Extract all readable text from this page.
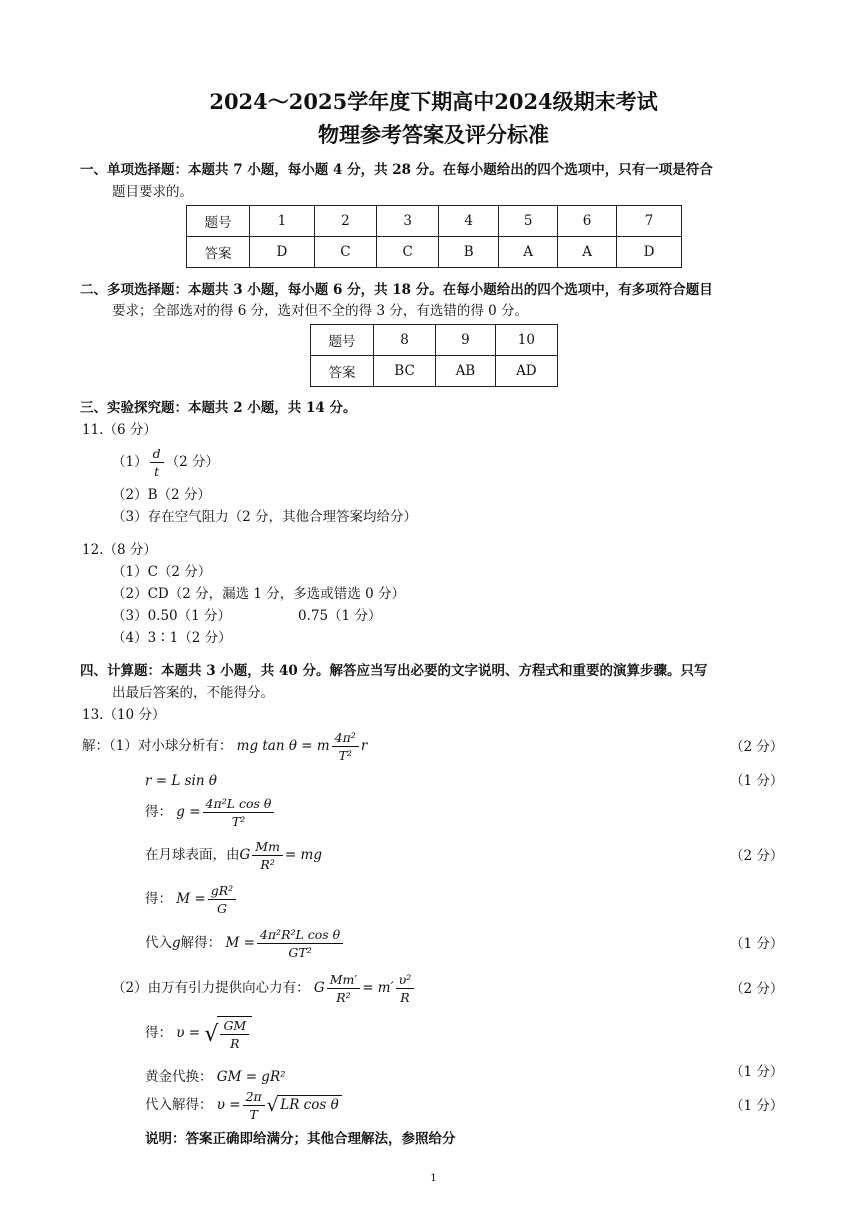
2024～2025学年度下期高中2024级期末考试
物理参考答案及评分标准
一、单项选择题：本题共 7 小题，每小题 4 分，共 28 分。在每小题给出的四个选项中，只有一项是符合
题目要求的。
题号	1	2	3	4	5	6	7
答案	D	C	C	B	A	A	D
二、多项选择题：本题共 3 小题，每小题 6 分，共 18 分。在每小题给出的四个选项中，有多项符合题目
要求；全部选对的得 6 分，选对但不全的得 3 分，有选错的得 0 分。
题号	8	9	10
答案	BC	AB	AD
三、实验探究题：本题共 2 小题，共 14 分。
11.（6 分）
$(1) \frac{d}{t} (2$ 分）
（2）B（2 分）
（3）存在空气阻力（2 分，其他合理答案均给分）
12.（8 分）
（1）C（2 分）
（2）CD（2 分，漏选 1 分，多选或错选 0 分）
（3）0.50（1 分）	0.75（1 分）
（4）3∶1（2 分）
四、计算题：本题共 3 小题，共 40 分。解答应当写出必要的文字说明、方程式和重要的演算步骤。只写
出最后答案的，不能得分。
13.（10 分）
解：（1）对小球分析有： mg tan θ = m $\frac{\text{4π²}}{\text{T²}}$ r	（2 分）
r = L sin θ	（1 分）
得： $g = \frac{\text{4π²L cos θ}}{\text{T²}}$
在月球表面，由G $\frac{Mm}{\text{R²}}$ = mg	（2 分）
得： $M = \frac{\text{gR²}}{G}$
代入g解得： $M = \frac{\text{4π²R²L cos θ}}{\text{GT²}}$	（1 分）
（2）由万有引力提供向心力有： G $\frac{Mm'}{\text{R²}} = m' \frac{\text{υ²}}{R}$	（2 分）
得： υ = √ $\frac{GM}{R}$
黄金代换： GM = gR²	（1 分）
代入解得： $\upsilon = \frac{2\pi}{T}$ √ LR cos θ	（1 分）
说明：答案正确即给满分；其他合理解法，参照给分
1
